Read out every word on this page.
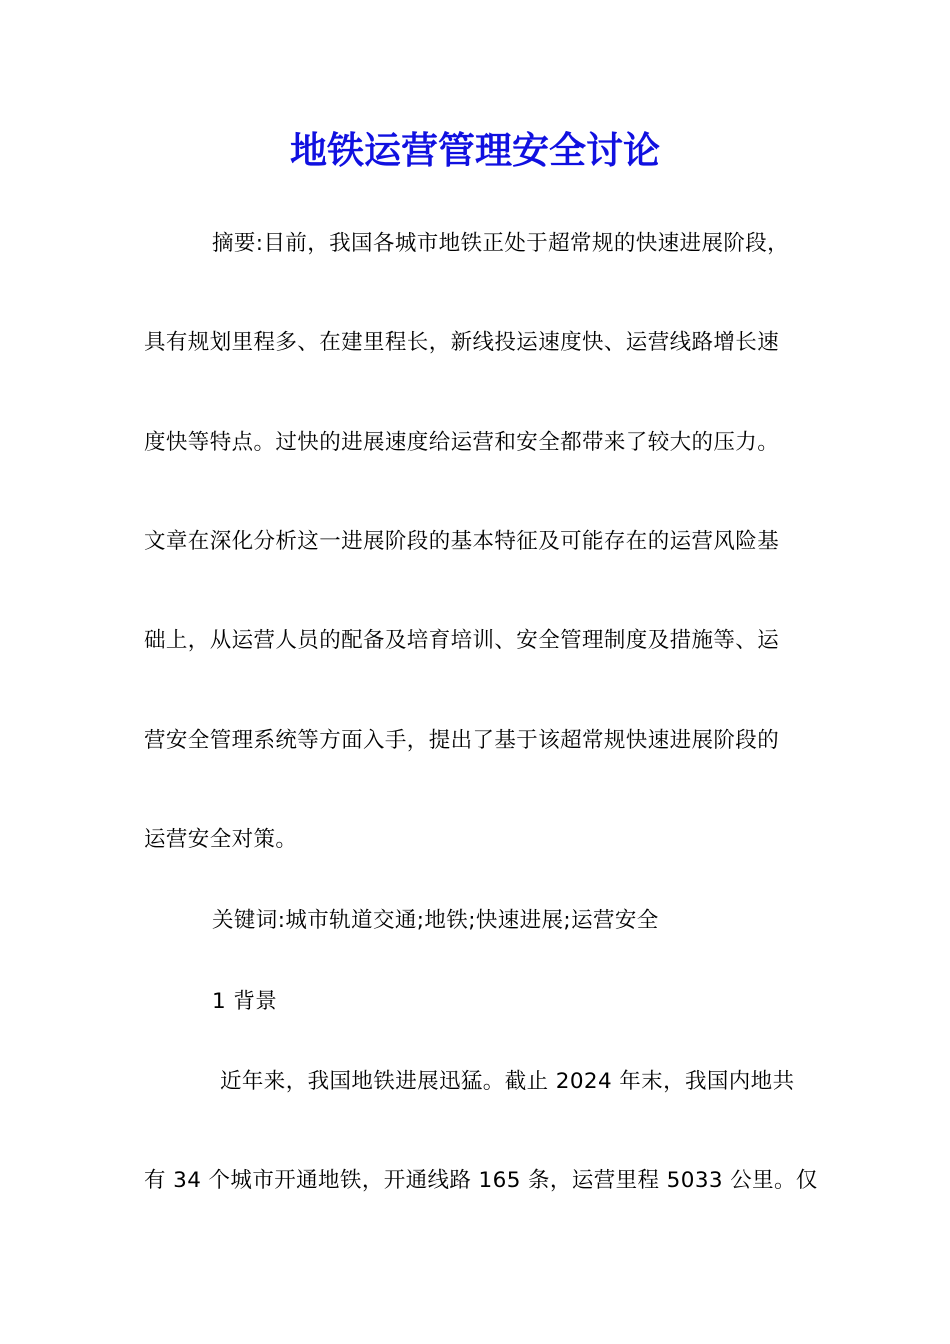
地铁运营管理安全讨论
摘要:目前，我国各城市地铁正处于超常规的快速进展阶段，
具有规划里程多、在建里程长，新线投运速度快、运营线路增长速
度快等特点。过快的进展速度给运营和安全都带来了较大的压力。
文章在深化分析这一进展阶段的基本特征及可能存在的运营风险基
础上，从运营人员的配备及培育培训、安全管理制度及措施等、运
营安全管理系统等方面入手，提出了基于该超常规快速进展阶段的
运营安全对策。
关键词:城市轨道交通;地铁;快速进展;运营安全
1 背景
近年来，我国地铁进展迅猛。截止 2024 年末，我国内地共
有 34 个城市开通地铁，开通线路 165 条，运营里程 5033 公里。仅
